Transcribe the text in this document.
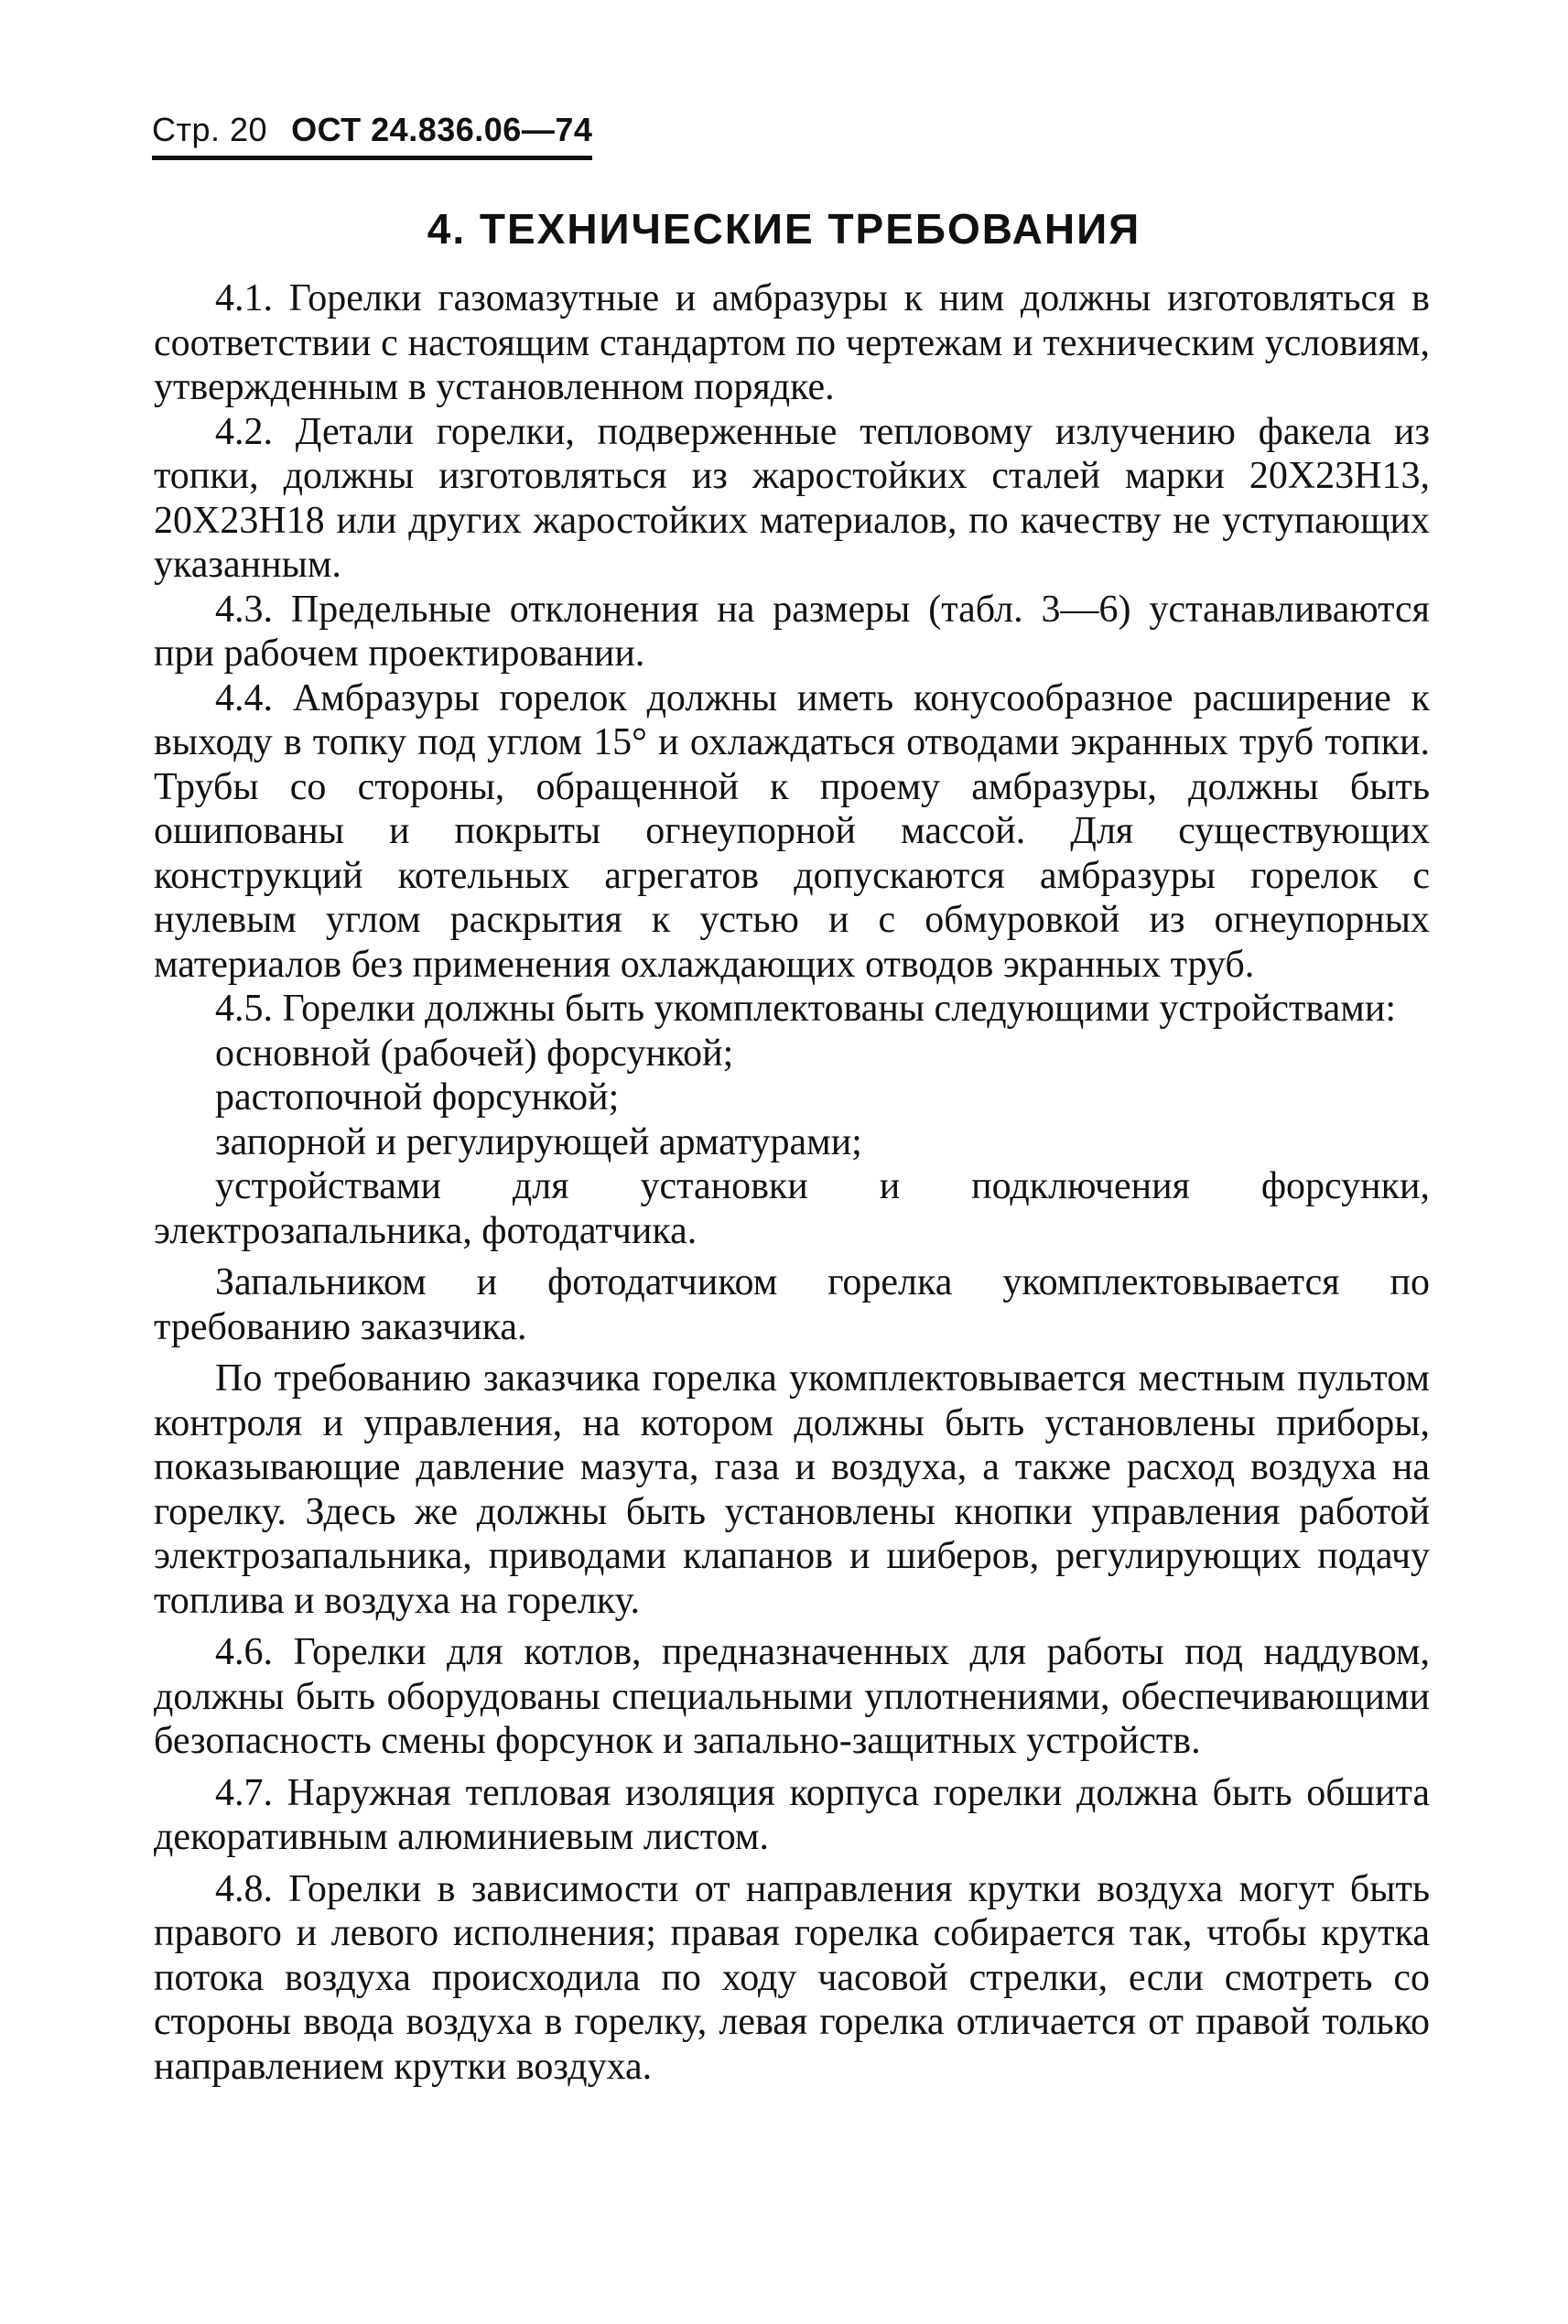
Стр. 20 ОСТ 24.836.06—74
4. ТЕХНИЧЕСКИЕ ТРЕБОВАНИЯ

4.1. Горелки газомазутные и амбразуры к ним должны изготовляться в соответствии с настоящим стандартом по чертежам и техническим условиям, утвержденным в установленном порядке.

4.2. Детали горелки, подверженные тепловому излучению факела из топки, должны изготовляться из жаростойких сталей марки 20Х23Н13, 20Х23Н18 или других жаростойких материалов, по качеству не уступающих указанным.

4.3. Предельные отклонения на размеры (табл. 3—6) устанавливаются при рабочем проектировании.

4.4. Амбразуры горелок должны иметь конусообразное расширение к выходу в топку под углом 15° и охлаждаться отводами экранных труб топки. Трубы со стороны, обращенной к проему амбразуры, должны быть ошипованы и покрыты огнеупорной массой. Для существующих конструкций котельных агрегатов допускаются амбразуры горелок с нулевым углом раскрытия к устью и с обмуровкой из огнеупорных материалов без применения охлаждающих отводов экранных труб.

4.5. Горелки должны быть укомплектованы следующими устройствами:

основной (рабочей) форсункой;

растопочной форсункой;

запорной и регулирующей арматурами;

устройствами для установки и подключения форсунки, электрозапальника, фотодатчика.

Запальником и фотодатчиком горелка укомплектовывается по требованию заказчика.

По требованию заказчика горелка укомплектовывается местным пультом контроля и управления, на котором должны быть установлены приборы, показывающие давление мазута, газа и воздуха, а также расход воздуха на горелку. Здесь же должны быть установлены кнопки управления работой электрозапальника, приводами клапанов и шиберов, регулирующих подачу топлива и воздуха на горелку.

4.6. Горелки для котлов, предназначенных для работы под наддувом, должны быть оборудованы специальными уплотнениями, обеспечивающими безопасность смены форсунок и запально-защитных устройств.

4.7. Наружная тепловая изоляция корпуса горелки должна быть обшита декоративным алюминиевым листом.

4.8. Горелки в зависимости от направления крутки воздуха могут быть правого и левого исполнения; правая горелка собирается так, чтобы крутка потока воздуха происходила по ходу часовой стрелки, если смотреть со стороны ввода воздуха в горелку, левая горелка отличается от правой только направлением крутки воздуха.
